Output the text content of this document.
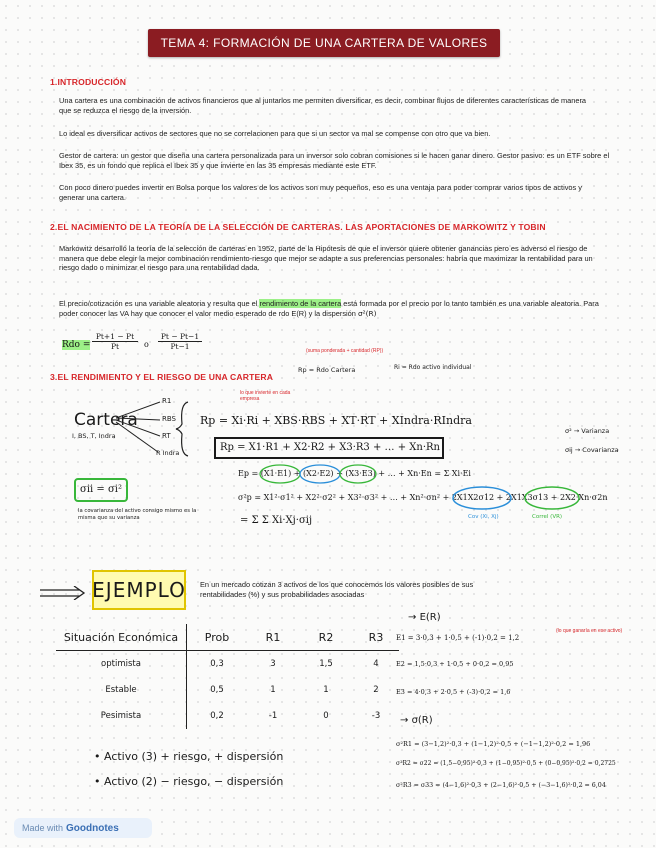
TEMA 4: FORMACIÓN DE UNA CARTERA DE VALORES
1.INTRODUCCIÓN
Una cartera es una combinación de activos financieros que al juntarlos me permiten diversificar, es decir, combinar flujos de diferentes características de manera que se reduzca el riesgo de la inversión.
Lo ideal es diversificar activos de sectores que no se correlacionen para que si un sector va mal se compense con otro que va bien.
Gestor de cartera: un gestor que diseña una cartera personalizada para un inversor solo cobran comisiones si le hacen ganar dinero. Gestor pasivo: es un ETF sobre el Ibex 35, es un fondo que replica el Ibex 35 y que invierte en las 35 empresas mediante este ETF.
Con poco dinero puedes invertir en Bolsa porque los valores de los activos son muy pequeños, eso es una ventaja para poder comprar varios tipos de activos y generar una cartera.
2.EL NACIMIENTO DE LA TEORÍA DE LA SELECCIÓN DE CARTERAS. LAS APORTACIONES DE MARKOWITZ Y TOBIN
Markowitz desarrolló la teoría de la selección de carteras en 1952, parte de la Hipótesis de que el inversor quiere obtener ganancias pero es adverso el riesgo de manera que debe elegir la mejor combinación rendimiento-riesgo que mejor se adapte a sus preferencias personales: habría que maximizar la rentabilidad para un riesgo dado o minimizar el riesgo para una rentabilidad dada.
El precio/cotización es una variable aleatoria y resulta que el rendimiento de la cartera está formada por el precio por lo tanto también es una variable aleatoria. Para poder conocer las VA hay que conocer el valor medio esperado de rdo E(R) y la dispersión σ²(R)
Rdo =
Pt+1 − Pt
Pt	o
Pt − Pt−1
Pt−1	(suma ponderada + cantidad (RP))
Rp = Rdo Cartera	Ri = Rdo activo individual
3.EL RENDIMIENTO Y EL RIESGO DE UNA CARTERA
Cartera
I, BS, T, Indra
R1
RBS
RT
R Indra
lo que invierte en cada empresa
Rp = Xi·Ri + XBS·RBS + XT·RT + XIndra·RIndra
Rp = X1·R1 + X2·R2 + X3·R3 + … + Xn·Rn
σ² → Varianza
σij → Covarianza
Ep = (X1·E1) + (X2·E2) + (X3·E3) + … + Xn·En = Σ Xi·Ei
σ²p = X1²·σ1² + X2²·σ2² + X3²·σ3² + … + Xn²·σn² + 2X1X2σ12 + 2X1X3σ13 + 2X2·Xn·σ2n
Cov (Xi, Xj)	Correl (VR)
= Σ Σ Xi·Xj·σij
σii = σi²
la covarianza del activo consigo mismo es la misma que su varianza
EJEMPLO En un mercado cotizan 3 activos de los que conocemos los valores posibles de sus rentabilidades (%) y sus probabilidades asociadas
Situación Económica	Prob	R1	R2	R3
optimista	0,3	3	1,5	4
Estable	0,5	1	1	2
Pesimista	0,2	-1	0	-3
• Activo (3) + riesgo, + dispersión
• Activo (2) − riesgo, − dispersión
→ E(R)
(lo que ganaría en ese activo)
E1 = 3·0,3 + 1·0,5 + (-1)·0,2 = 1,2
E2 = 1,5·0,3 + 1·0,5 + 0·0,2 = 0,95
E3 = 4·0,3 + 2·0,5 + (-3)·0,2 = 1,6
→ σ(R)
σ²R1 = (3−1,2)²·0,3 + (1−1,2)²·0,5 + (−1−1,2)²·0,2 = 1,96
σ²R2 = σ22 = (1,5−0,95)²·0,3 + (1−0,95)²·0,5 + (0−0,95)²·0,2 = 0,2725
σ²R3 = σ33 = (4−1,6)²·0,3 + (2−1,6)²·0,5 + (−3−1,6)²·0,2 = 6,04
Made with Goodnotes
